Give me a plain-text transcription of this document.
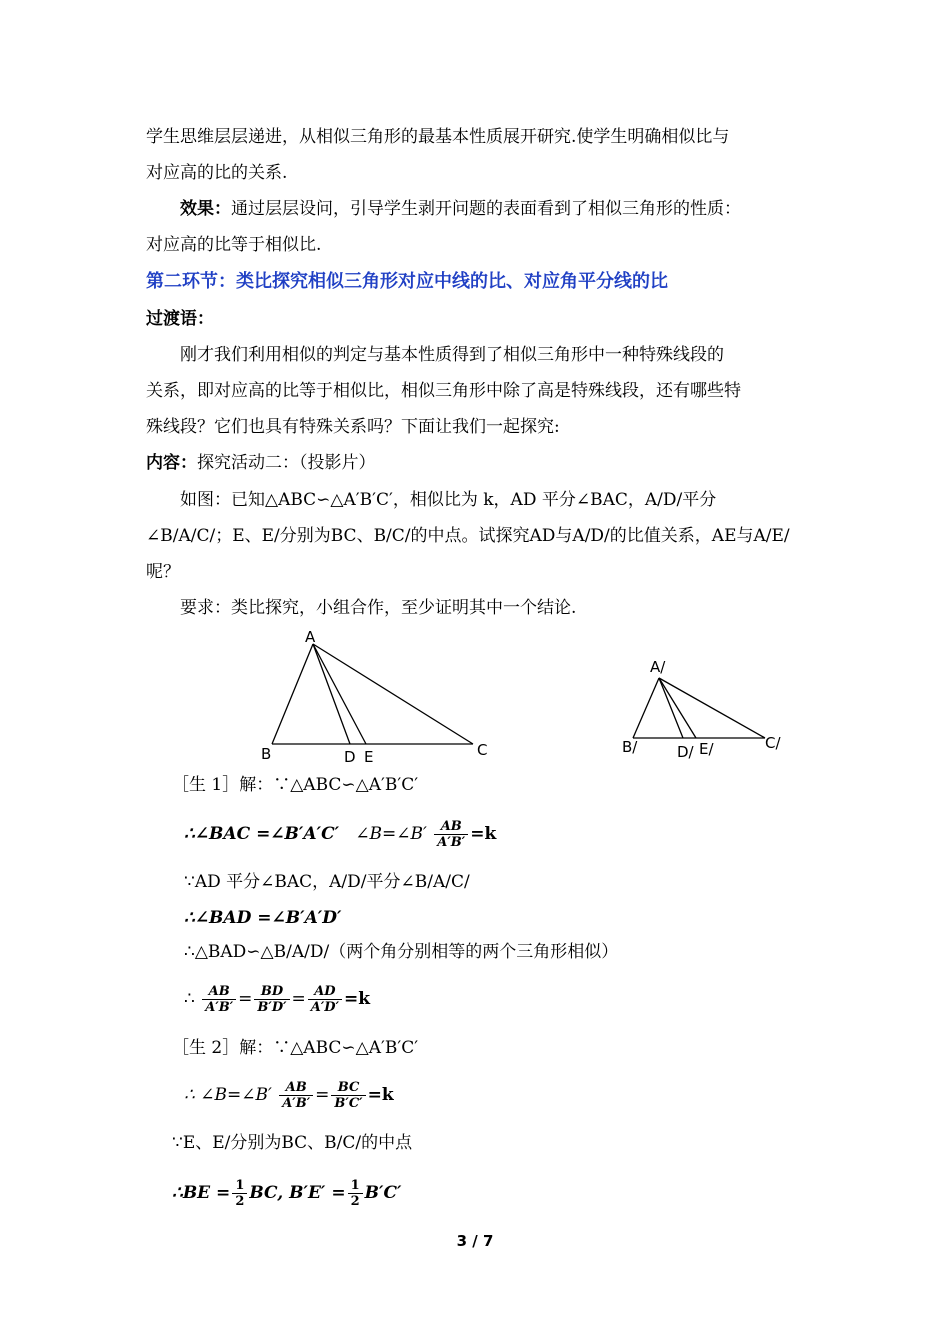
学生思维层层递进，从相似三角形的最基本性质展开研究.使学生明确相似比与
对应高的比的关系.
效果：通过层层设问，引导学生剥开问题的表面看到了相似三角形的性质：
对应高的比等于相似比.
第二环节：类比探究相似三角形对应中线的比、对应角平分线的比
过渡语：
刚才我们利用相似的判定与基本性质得到了相似三角形中一种特殊线段的
关系，即对应高的比等于相似比，相似三角形中除了高是特殊线段，还有哪些特
殊线段？它们也具有特殊关系吗？下面让我们一起探究:
内容：探究活动二：（投影片）
如图：已知△ABC∽△A′B′C′，相似比为 k，AD 平分∠BAC，A/D/平分
∠B/A/C/；E、E/分别为BC、B/C/的中点。试探究AD与A/D/的比值关系，AE与A/E/
呢？
要求：类比探究，小组合作，至少证明其中一个结论.
A
B	C
D E
A/
B/	C/
D/ E/
［生 1］解：∵△ABC∽△A′B′C′
∴∠BAC =∠B′A′C′ ∠B=∠B′ $\frac{AB}{A'B'} =k$
∵AD 平分∠BAC，A/D/平分∠B/A/C/
∴∠BAD =∠B′A′D′
∴△BAD∽△B/A/D/（两个角分别相等的两个三角形相似）
∴ $\frac{AB}{A'B'} = \frac{BD}{B'D'} = \frac{AD}{A'D'} =k$
［生 2］解：∵△ABC∽△A′B′C′
∴ ∠B=∠B′ $\frac{AB}{A'B'} = \frac{BC}{B'C'} =k$
∵E、E/分别为BC、B/C/的中点
∴BE = $\frac{1}{2}$ BC, $B'E' = \frac{1}{2} B'C'$
3 / 7
